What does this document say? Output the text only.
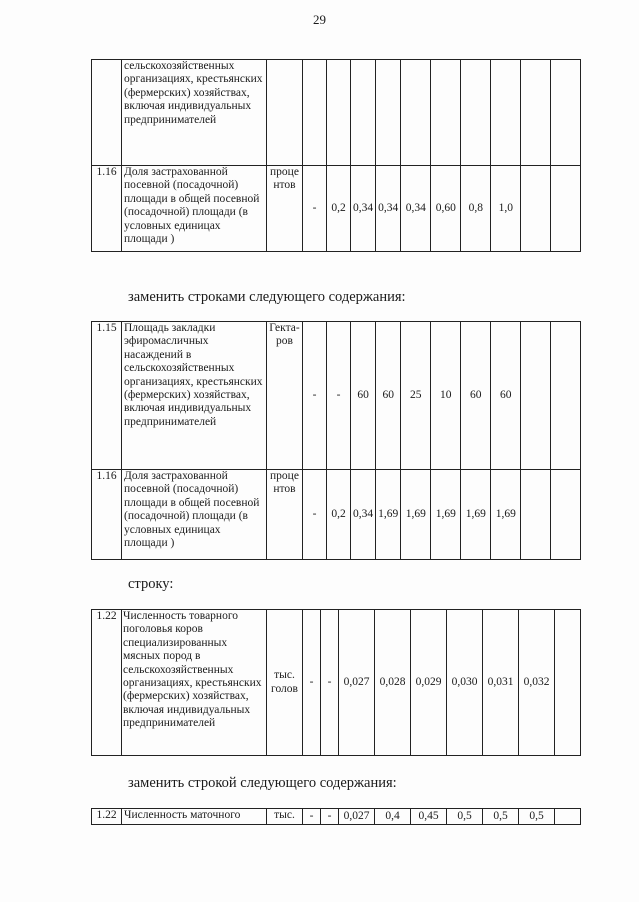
29
	сельскохозяйственных организациях, крестьянских (фермерских) хозяйствах, включая индивидуальных предпринимателей											
1.16	Доля застрахованной посевной (посадочной) площади в общей посевной (посадочной) площади (в условных единицах площади )	проце нтов	-	0,2	0,34	0,34	0,34	0,60	0,8	1,0		
заменить строками следующего содержания:
1.15	Площадь закладки эфиромасличных насаждений в сельскохозяйственных организациях, крестьянских (фермерских) хозяйствах, включая индивидуальных предпринимателей	Гекта-ров	-	-	60	60	25	10	60	60		
1.16	Доля застрахованной посевной (посадочной) площади в общей посевной (посадочной) площади (в условных единицах площади )	проце нтов	-	0,2	0,34	1,69	1,69	1,69	1,69	1,69		
строку:
1.22	Численность товарного поголовья коров специализированных мясных пород в сельскохозяйственных организациях, крестьянских (фермерских) хозяйствах, включая индивидуальных предпринимателей	тыс. голов	-	-	0,027	0,028	0,029	0,030	0,031	0,032	
заменить строкой следующего содержания:
1.22	Численность маточного	тыс.	-	-	0,027	0,4	0,45	0,5	0,5	0,5	
